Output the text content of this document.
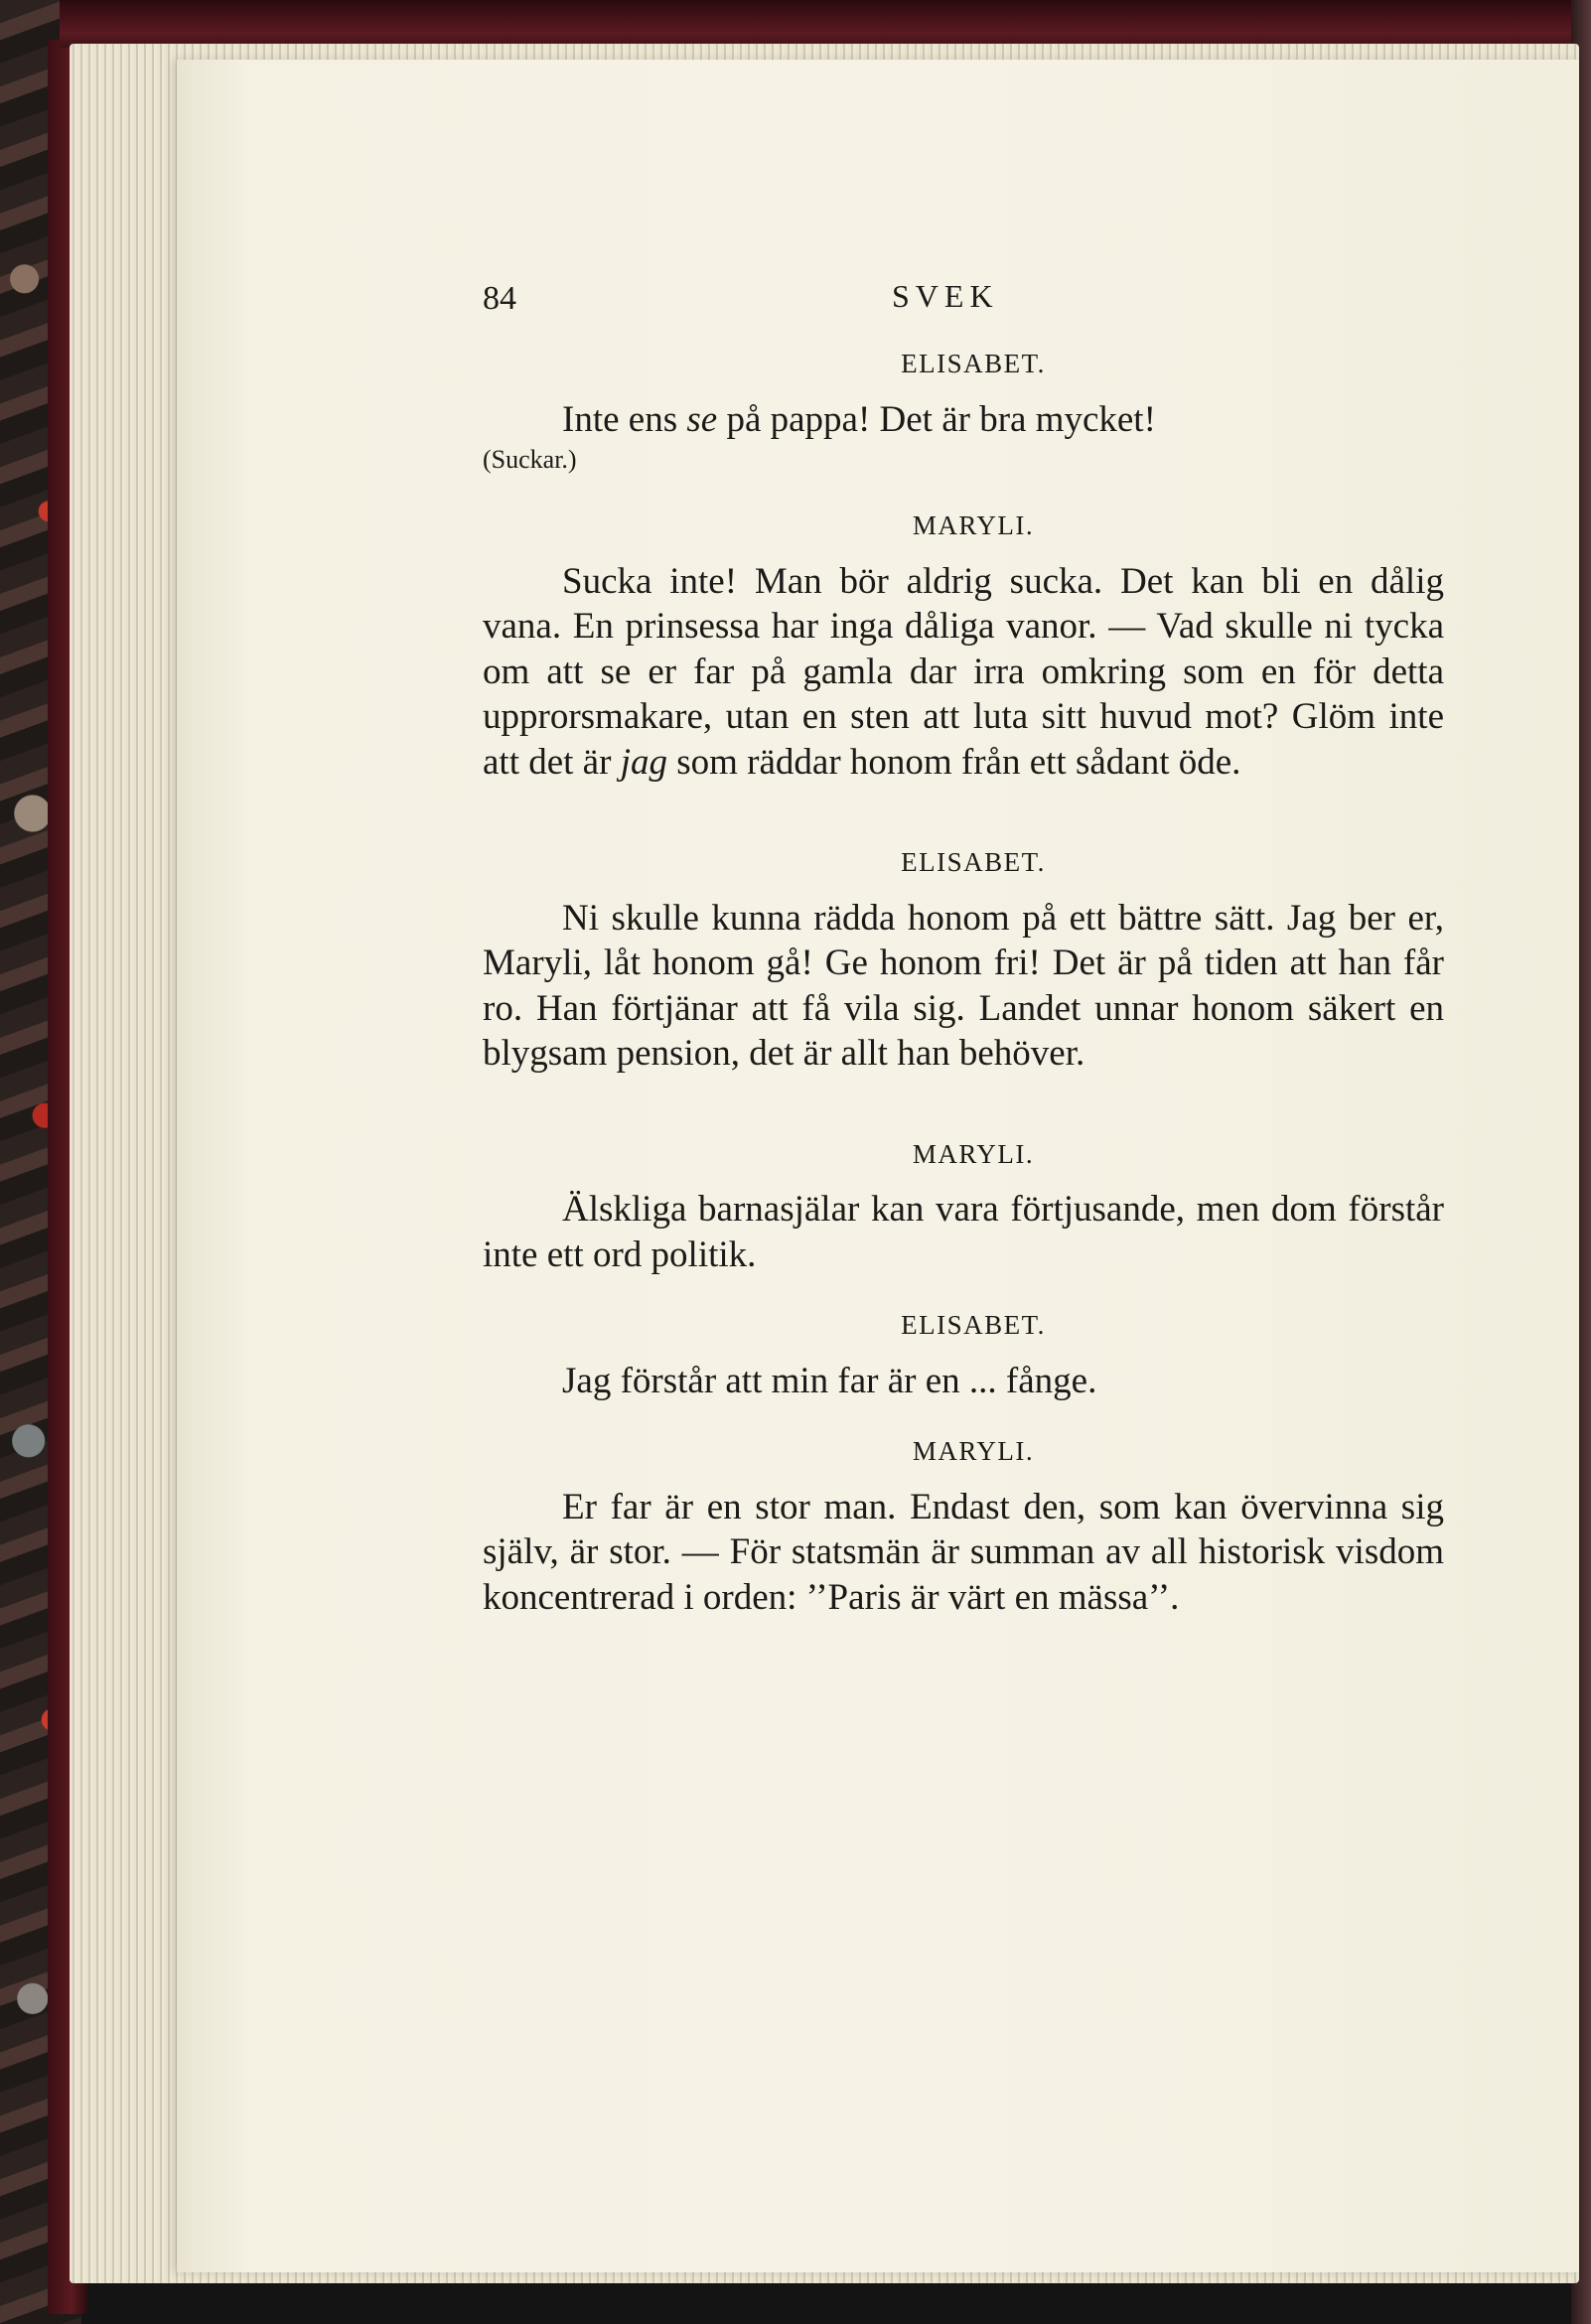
84	SVEK
ELISABET.

Inte ens se på pappa! Det är bra mycket!

(Suckar.)

MARYLI.

Sucka inte! Man bör aldrig sucka. Det kan bli en dålig vana. En prinsessa har inga dåliga vanor. — Vad skulle ni tycka om att se er far på gamla dar irra omkring som en för detta upprorsmakare, utan en sten att luta sitt huvud mot? Glöm inte att det är jag som räddar honom från ett sådant öde.

ELISABET.

Ni skulle kunna rädda honom på ett bättre sätt. Jag ber er, Maryli, låt honom gå! Ge honom fri! Det är på tiden att han får ro. Han förtjänar att få vila sig. Landet unnar honom säkert en blygsam pension, det är allt han behöver.

MARYLI.

Älskliga barnasjälar kan vara förtjusande, men dom förstår inte ett ord politik.

ELISABET.

Jag förstår att min far är en ... fånge.

MARYLI.

Er far är en stor man. Endast den, som kan övervinna sig själv, är stor. — För statsmän är summan av all historisk visdom koncentrerad i orden: ’’Paris är värt en mässa’’.
